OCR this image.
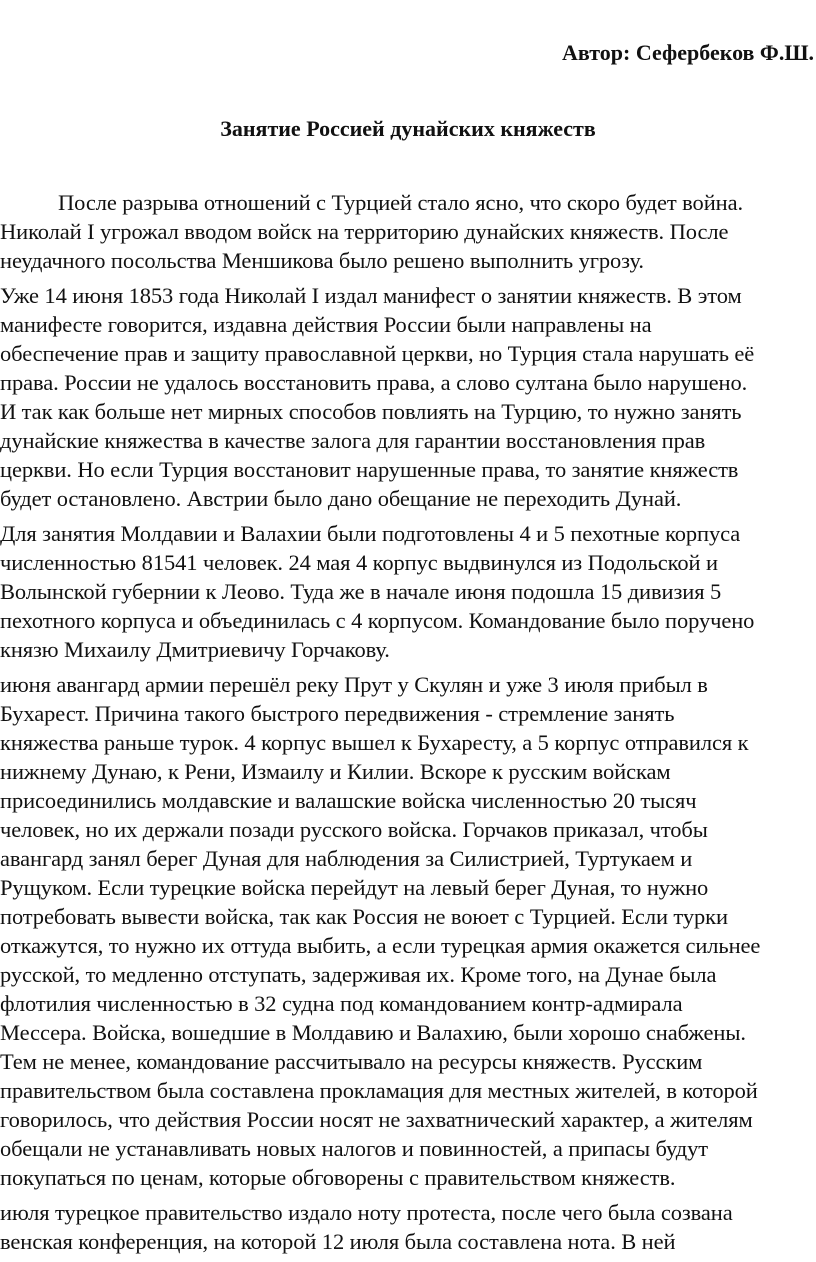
Автор: Сефербеков Ф.Ш.
Занятие Россией дунайских княжеств
После разрыва отношений с Турцией стало ясно, что скоро будет война.
Николай I угрожал вводом войск на территорию дунайских княжеств. После
неудачного посольства Меншикова было решено выполнить угрозу.
Уже 14 июня 1853 года Николай I издал манифест о занятии княжеств. В этом
манифесте говорится, издавна действия России были направлены на
обеспечение прав и защиту православной церкви, но Турция стала нарушать её
права. России не удалось восстановить права, а слово султана было нарушено.
И так как больше нет мирных способов повлиять на Турцию, то нужно занять
дунайские княжества в качестве залога для гарантии восстановления прав
церкви. Но если Турция восстановит нарушенные права, то занятие княжеств
будет остановлено. Австрии было дано обещание не переходить Дунай.
Для занятия Молдавии и Валахии были подготовлены 4 и 5 пехотные корпуса
численностью 81541 человек. 24 мая 4 корпус выдвинулся из Подольской и
Волынской губернии к Леово. Туда же в начале июня подошла 15 дивизия 5
пехотного корпуса и объединилась с 4 корпусом. Командование было поручено
князю Михаилу Дмитриевичу Горчакову.
июня авангард армии перешёл реку Прут у Скулян и уже 3 июля прибыл в
Бухарест. Причина такого быстрого передвижения - стремление занять
княжества раньше турок. 4 корпус вышел к Бухаресту, а 5 корпус отправился к
нижнему Дунаю, к Рени, Измаилу и Килии. Вскоре к русским войскам
присоединились молдавские и валашские войска численностью 20 тысяч
человек, но их держали позади русского войска. Горчаков приказал, чтобы
авангард занял берег Дуная для наблюдения за Силистрией, Туртукаем и
Рущуком. Если турецкие войска перейдут на левый берег Дуная, то нужно
потребовать вывести войска, так как Россия не воюет с Турцией. Если турки
откажутся, то нужно их оттуда выбить, а если турецкая армия окажется сильнее
русской, то медленно отступать, задерживая их. Кроме того, на Дунае была
флотилия численностью в 32 судна под командованием контр-адмирала
Мессера. Войска, вошедшие в Молдавию и Валахию, были хорошо снабжены.
Тем не менее, командование рассчитывало на ресурсы княжеств. Русским
правительством была составлена прокламация для местных жителей, в которой
говорилось, что действия России носят не захватнический характер, а жителям
обещали не устанавливать новых налогов и повинностей, а припасы будут
покупаться по ценам, которые обговорены с правительством княжеств.
июля турецкое правительство издало ноту протеста, после чего была созвана
венская конференция, на которой 12 июля была составлена нота. В ней
